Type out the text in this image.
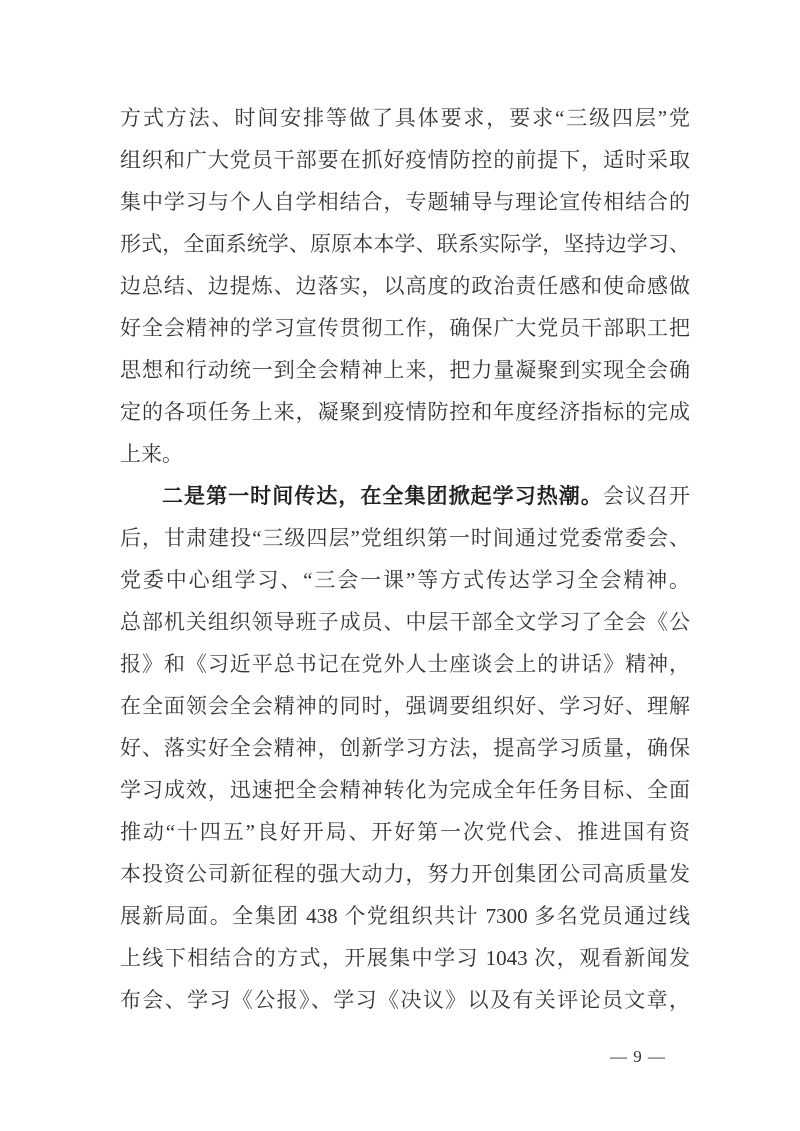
方式方法、时间安排等做了具体要求，要求“三级四层”党
组织和广大党员干部要在抓好疫情防控的前提下，适时采取
集中学习与个人自学相结合，专题辅导与理论宣传相结合的
形式，全面系统学、原原本本学、联系实际学，坚持边学习、
边总结、边提炼、边落实，以高度的政治责任感和使命感做
好全会精神的学习宣传贯彻工作，确保广大党员干部职工把
思想和行动统一到全会精神上来，把力量凝聚到实现全会确
定的各项任务上来，凝聚到疫情防控和年度经济指标的完成
上来。
二是第一时间传达，在全集团掀起学习热潮。会议召开
后，甘肃建投“三级四层”党组织第一时间通过党委常委会、
党委中心组学习、“三会一课”等方式传达学习全会精神。
总部机关组织领导班子成员、中层干部全文学习了全会《公
报》和《习近平总书记在党外人士座谈会上的讲话》精神，
在全面领会全会精神的同时，强调要组织好、学习好、理解
好、落实好全会精神，创新学习方法，提高学习质量，确保
学习成效，迅速把全会精神转化为完成全年任务目标、全面
推动“十四五”良好开局、开好第一次党代会、推进国有资
本投资公司新征程的强大动力，努力开创集团公司高质量发
展新局面。全集团 438 个党组织共计 7300 多名党员通过线
上线下相结合的方式，开展集中学习 1043 次，观看新闻发
布会、学习《公报》、学习《决议》以及有关评论员文章，
— 9 —
